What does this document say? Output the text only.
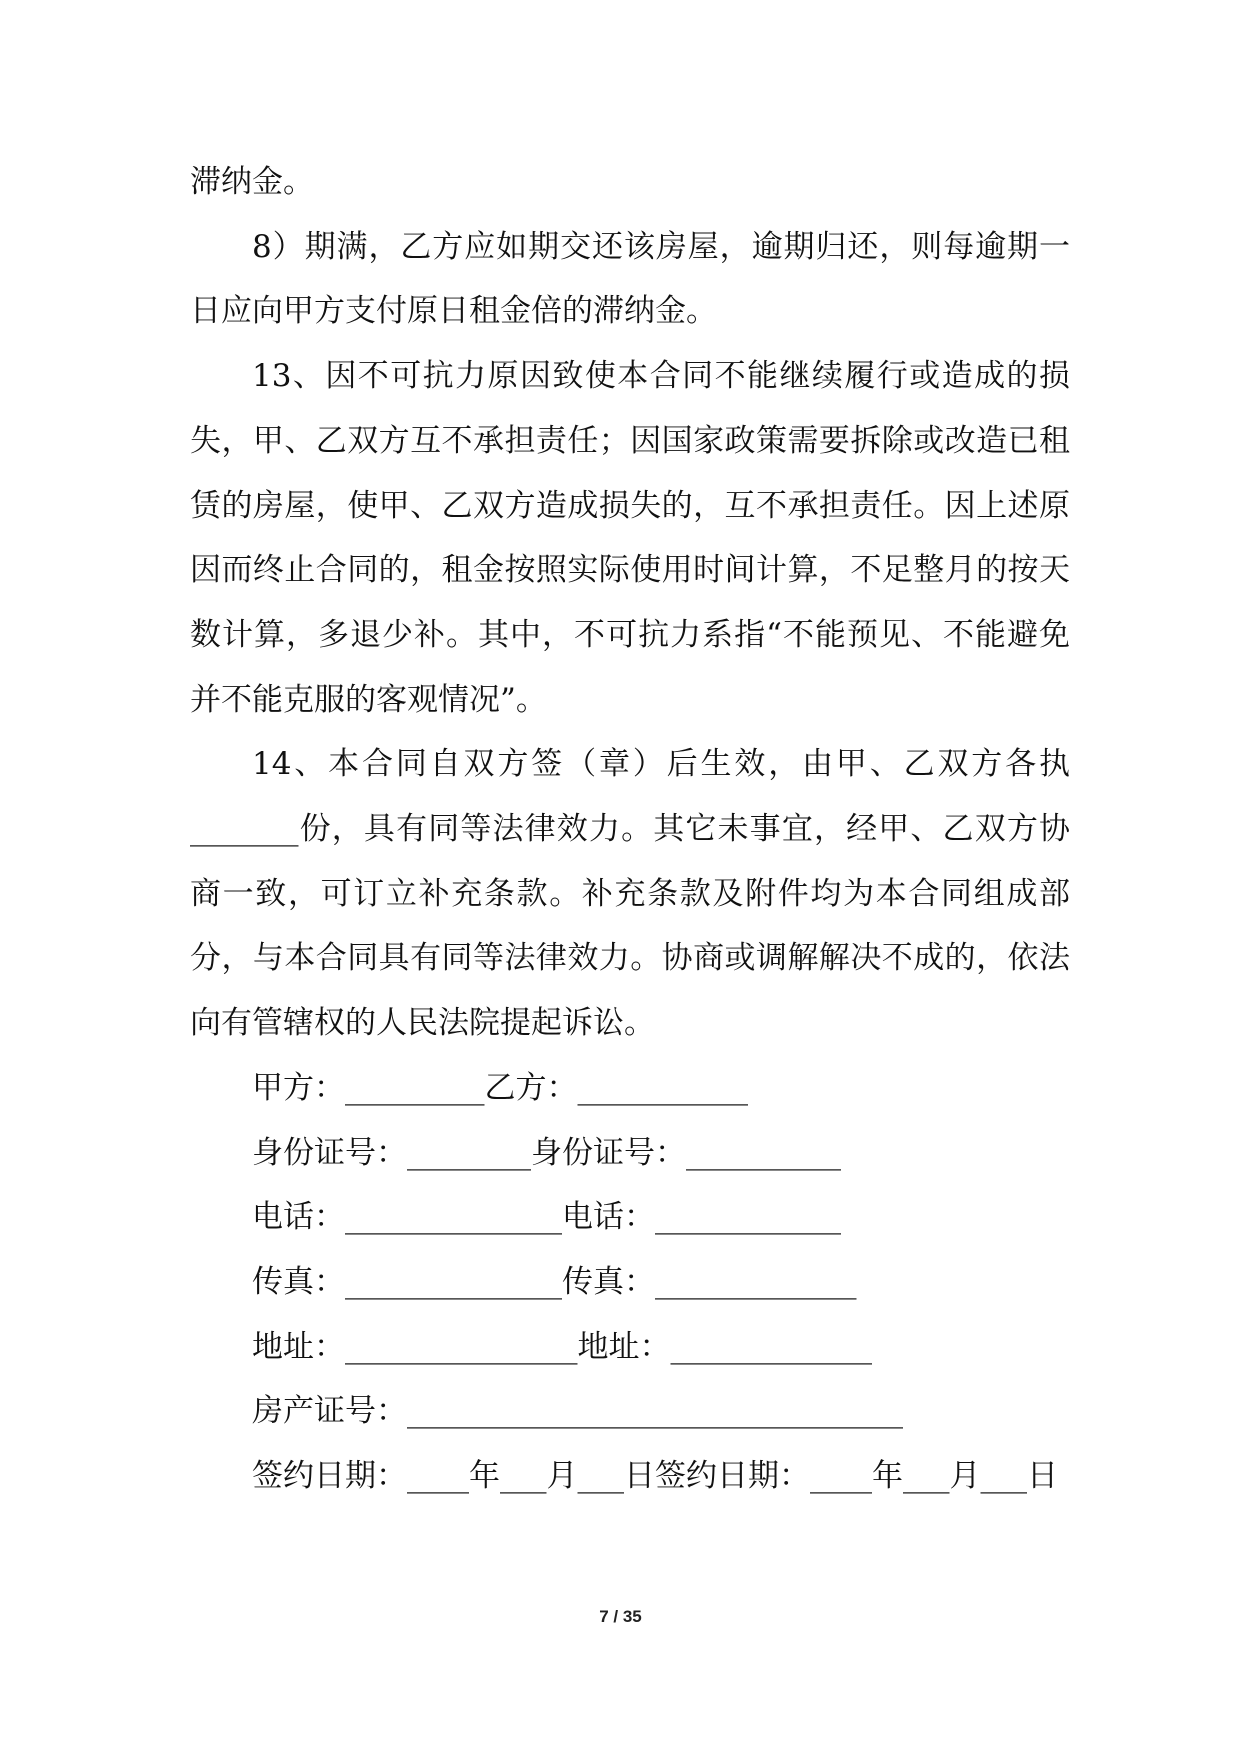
滞纳金。

8）期满，乙方应如期交还该房屋，逾期归还，则每逾期一日应向甲方支付原日租金倍的滞纳金。

13、因不可抗力原因致使本合同不能继续履行或造成的损失，甲、乙双方互不承担责任；因国家政策需要拆除或改造已租赁的房屋，使甲、乙双方造成损失的，互不承担责任。因上述原因而终止合同的，租金按照实际使用时间计算，不足整月的按天数计算，多退少补。其中，不可抗力系指“不能预见、不能避免并不能克服的客观情况”。

14、本合同自双方签（章）后生效，由甲、乙双方各执_______份，具有同等法律效力。其它未事宜，经甲、乙双方协商一致，可订立补充条款。补充条款及附件均为本合同组成部分，与本合同具有同等法律效力。协商或调解解决不成的，依法向有管辖权的人民法院提起诉讼。

甲方：_________乙方：___________

身份证号：________身份证号：__________

电话：______________电话：____________

传真：______________传真：_____________

地址：_______________地址：_____________

房产证号：________________________________

签约日期：____年___月___日签约日期：____年___月___日

7 / 35
